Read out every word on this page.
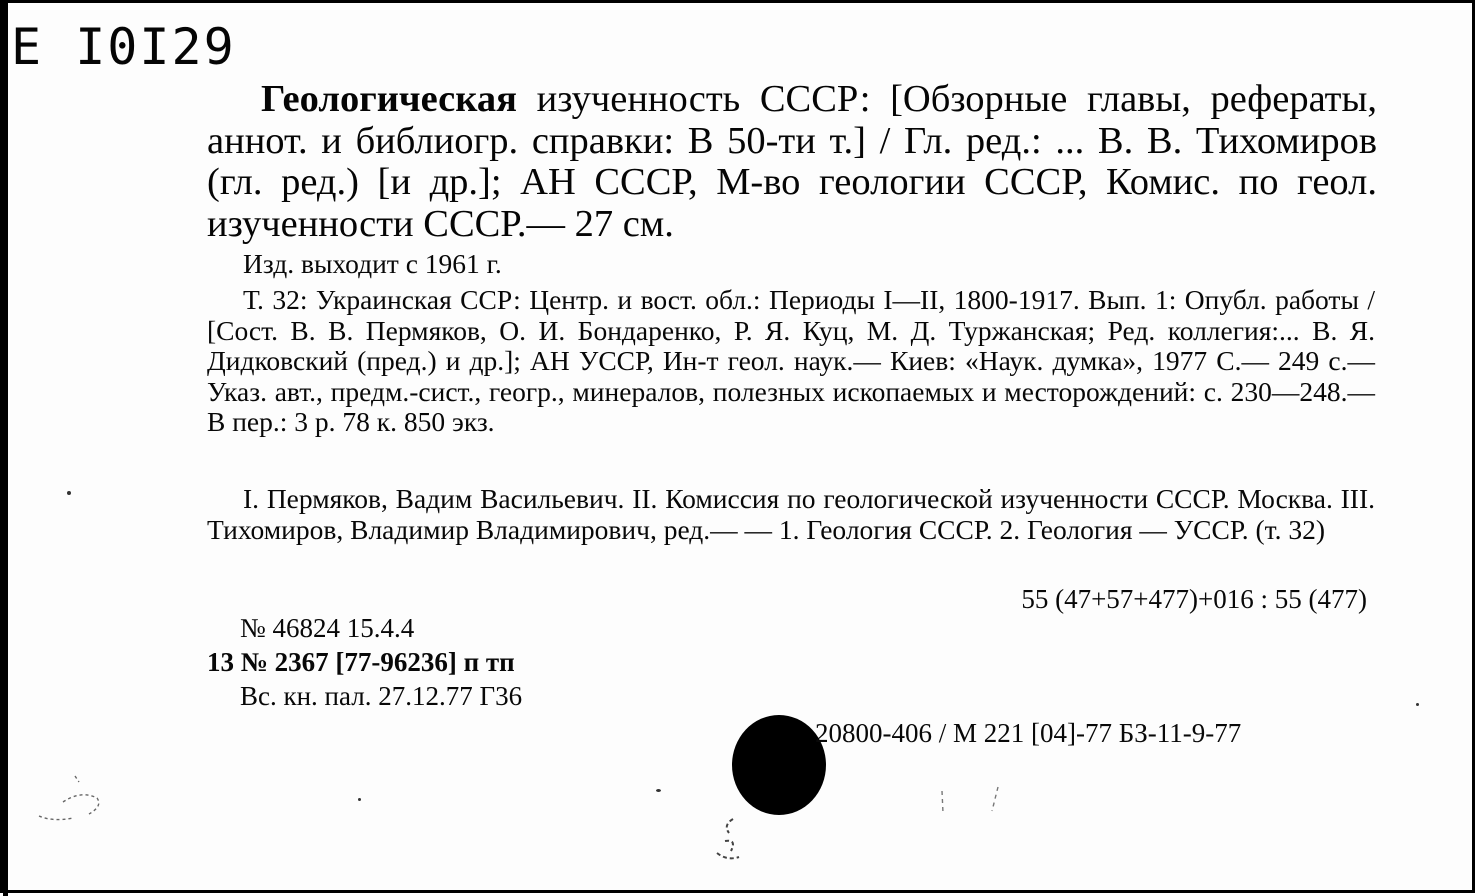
E I0I29

Геологическая изученность СССР: [Обзорные главы, рефераты, аннот. и библиогр. справки: В 50-ти т.] / Гл. ред.: ... В. В. Тихомиров (гл. ред.) [и др.]; АН СССР, М-во геологии СССР, Комис. по геол. изученности СССР.— 27 см.

Изд. выходит с 1961 г.

Т. 32: Украинская ССР: Центр. и вост. обл.: Периоды I—II, 1800-1917. Вып. 1: Опубл. работы / [Сост. В. В. Пермяков, О. И. Бондаренко, Р. Я. Куц, М. Д. Туржанская; Ред. коллегия:... В. Я. Дидковский (пред.) и др.]; АН УССР, Ин-т геол. наук.— Киев: «Наук. думка», 1977 С.— 249 с.— Указ. авт., предм.-сист., геогр., минералов, полезных ископаемых и месторождений: с. 230—248.— В пер.: 3 р. 78 к. 850 экз.

I. Пермяков, Вадим Васильевич. II. Комиссия по геологической изученности СССР. Москва. III. Тихомиров, Владимир Владимирович, ред.— — 1. Геология СССР. 2. Геология — УССР. (т. 32)

55 (47+57+477)+016 : 55 (477)

№ 46824 15.4.4
13 № 2367 [77-96236] п тп
Вс. кн. пал. 27.12.77 Г36

20800-406 / М 221 [04]-77 БЗ-11-9-77
